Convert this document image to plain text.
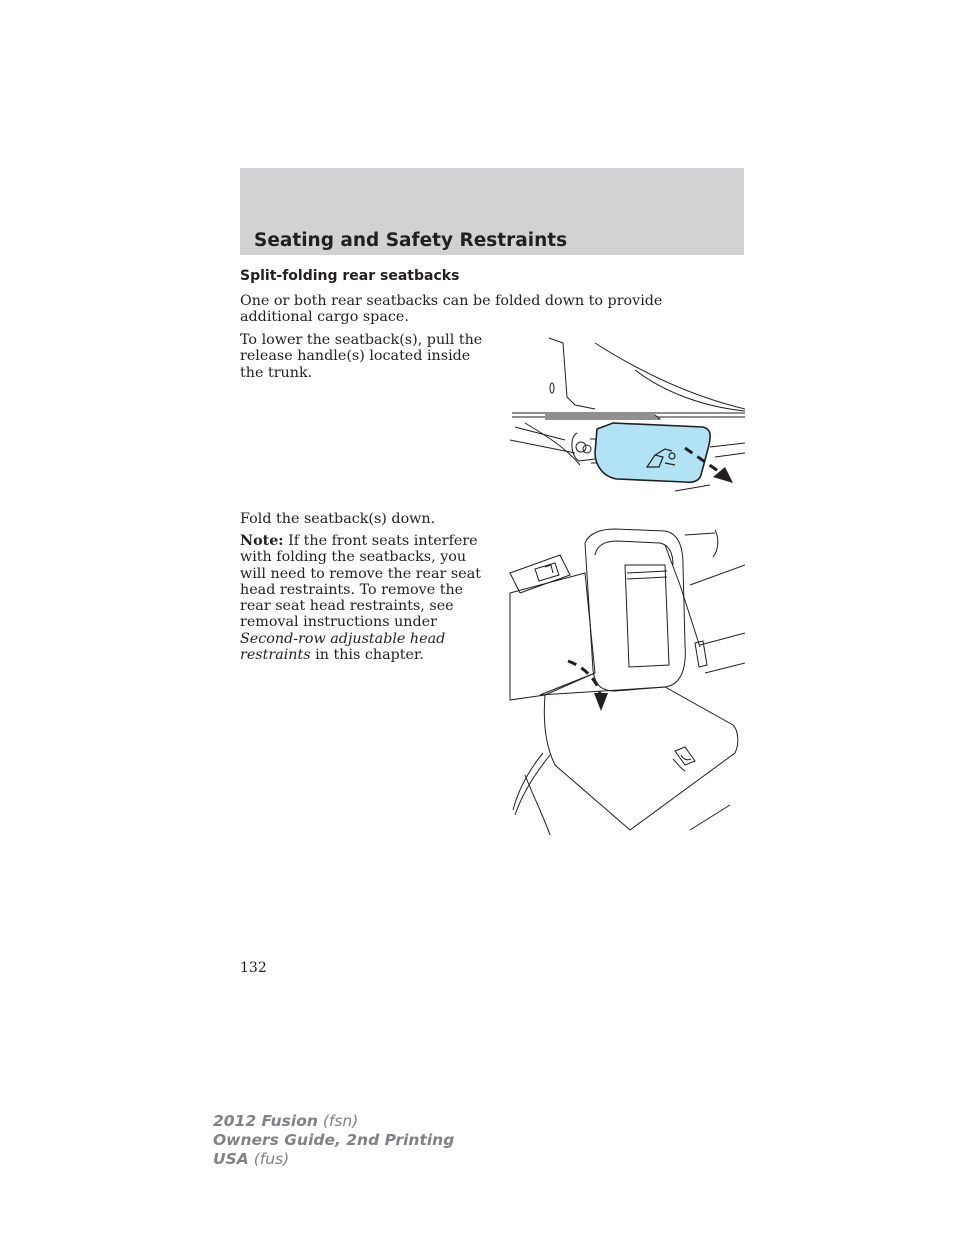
Seating and Safety Restraints
Split-folding rear seatbacks

One or both rear seatbacks can be folded down to provide additional cargo space.

To lower the seatback(s), pull the release handle(s) located inside the trunk.

Fold the seatback(s) down.

Note: If the front seats interfere with folding the seatbacks, you will need to remove the rear seat head restraints. To remove the rear seat head restraints, see removal instructions under Second-row adjustable head restraints in this chapter.

132

2012 Fusion (fsn)
Owners Guide, 2nd Printing
USA (fus)
